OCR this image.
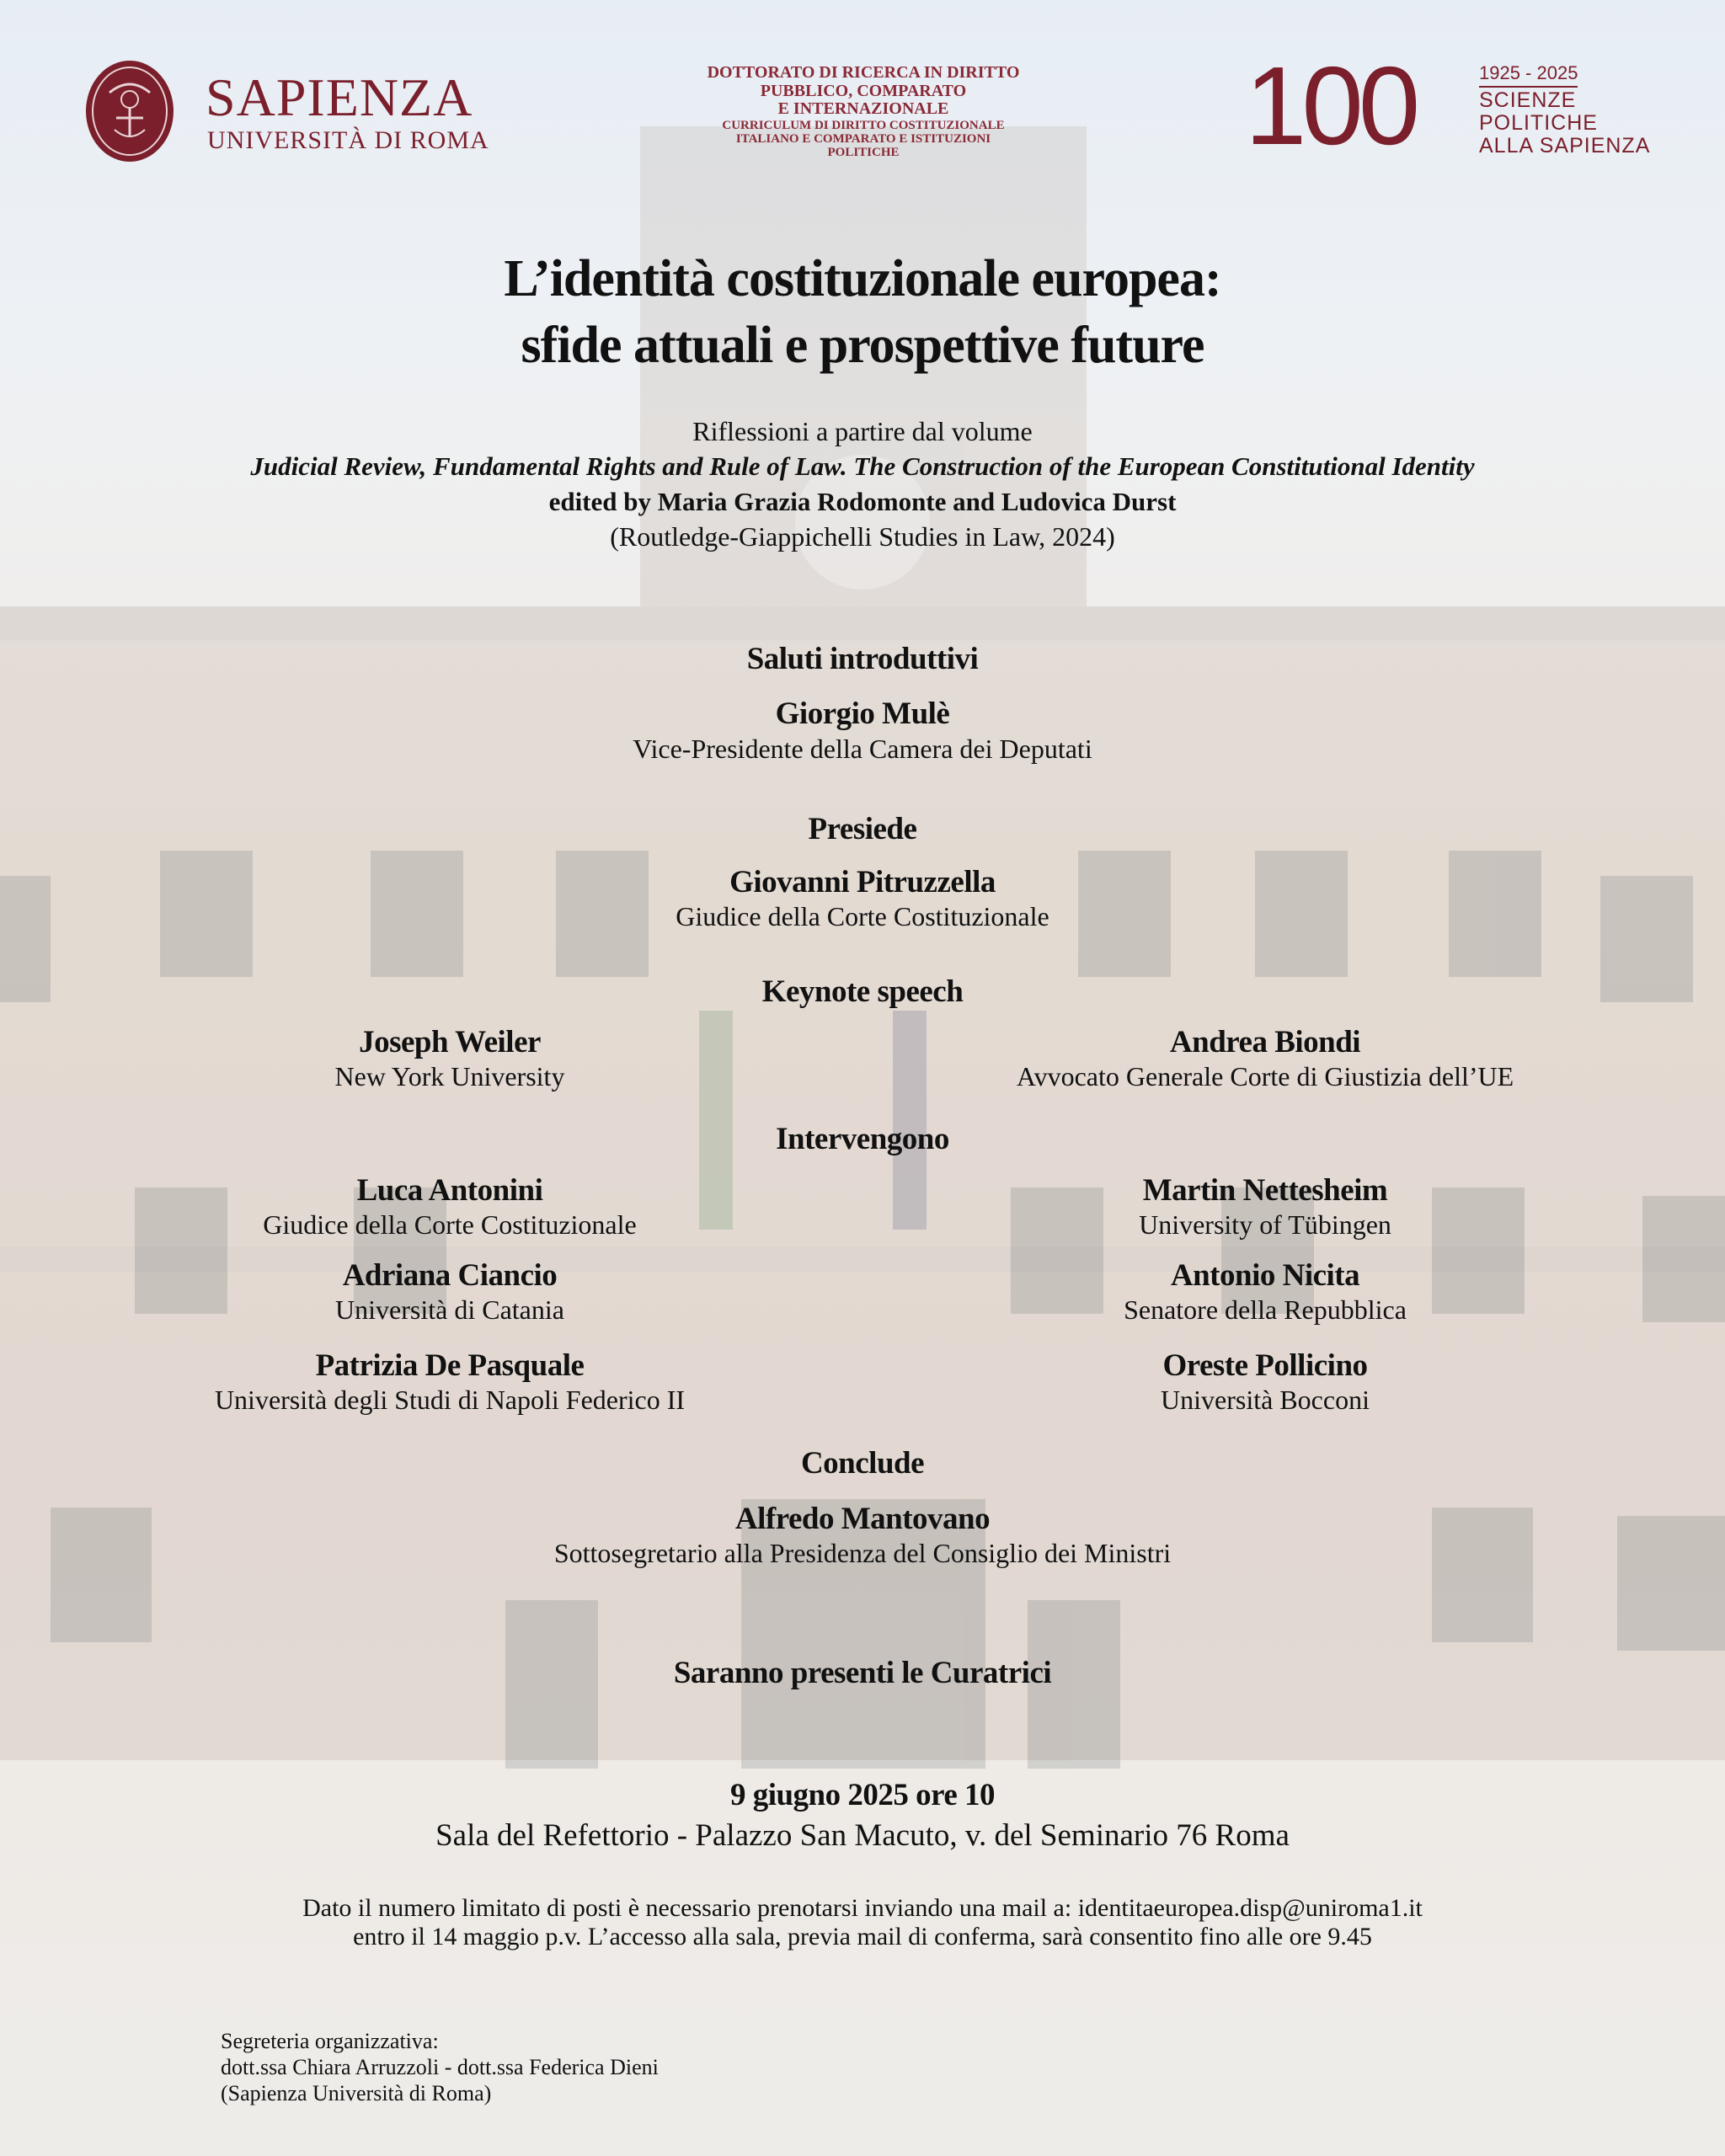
SAPIENZA
UNIVERSITÀ DI ROMA
DOTTORATO DI RICERCA IN DIRITTO
PUBBLICO, COMPARATO
E INTERNAZIONALE
CURRICULUM DI DIRITTO COSTITUZIONALE
ITALIANO E COMPARATO E ISTITUZIONI
POLITICHE	100	1925 - 2025
SCIENZE
POLITICHE
ALLA SAPIENZA
L’identità costituzionale europea:
sfide attuali e prospettive future
Riflessioni a partire dal volume
Judicial Review, Fundamental Rights and Rule of Law. The Construction of the European Constitutional Identity
edited by Maria Grazia Rodomonte and Ludovica Durst
(Routledge-Giappichelli Studies in Law, 2024)
Saluti introduttivi
Giorgio Mulè
Vice-Presidente della Camera dei Deputati
Presiede
Giovanni Pitruzzella
Giudice della Corte Costituzionale
Keynote speech
Joseph Weiler
New York University
Andrea Biondi
Avvocato Generale Corte di Giustizia dell’UE
Intervengono
Luca Antonini
Giudice della Corte Costituzionale
Martin Nettesheim
University of Tübingen
Adriana Ciancio
Università di Catania
Antonio Nicita
Senatore della Repubblica
Patrizia De Pasquale
Università degli Studi di Napoli Federico II
Oreste Pollicino
Università Bocconi
Conclude
Alfredo Mantovano
Sottosegretario alla Presidenza del Consiglio dei Ministri
Saranno presenti le Curatrici
9 giugno 2025 ore 10
Sala del Refettorio - Palazzo San Macuto, v. del Seminario 76 Roma
Dato il numero limitato di posti è necessario prenotarsi inviando una mail a: identitaeuropea.disp@uniroma1.it
entro il 14 maggio p.v. L’accesso alla sala, previa mail di conferma, sarà consentito fino alle ore 9.45
Segreteria organizzativa:
dott.ssa Chiara Arruzzoli - dott.ssa Federica Dieni
(Sapienza Università di Roma)
